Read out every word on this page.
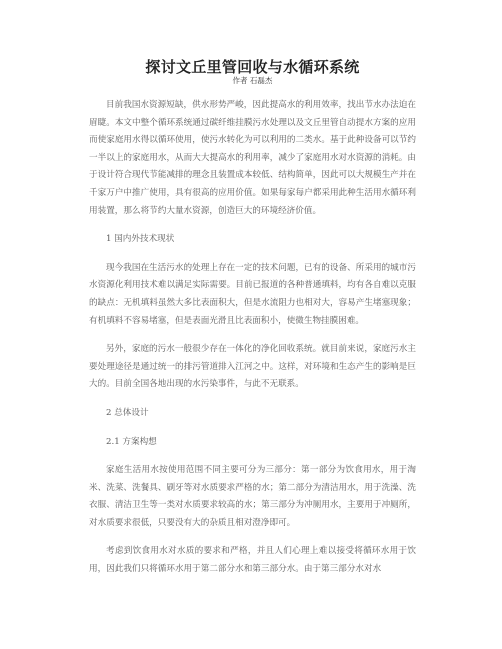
探讨文丘里管回收与水循环系统
作者 石磊杰

目前我国水资源短缺，供水形势严峻，因此提高水的利用效率，找出节水办法迫在眉睫。本文中整个循环系统通过碳纤维挂膜污水处理以及文丘里管自动提水方案的应用而使家庭用水得以循环使用，使污水转化为可以利用的二类水。基于此种设备可以节约一半以上的家庭用水，从而大大提高水的利用率，减少了家庭用水对水资源的消耗。由于设计符合现代节能减排的理念且装置成本较低、结构简单，因此可以大规模生产并在千家万户中推广使用，具有很高的应用价值。如果每家每户都采用此种生活用水循环利用装置，那么将节约大量水资源，创造巨大的环境经济价值。

1 国内外技术现状

现今我国在生活污水的处理上存在一定的技术问题，已有的设备、所采用的城市污水资源化利用技术难以满足实际需要。目前已报道的各种普通填料，均有各自难以克服的缺点：无机填料虽然大多比表面积大，但是水流阻力也相对大，容易产生堵塞现象；有机填料不容易堵塞，但是表面光滑且比表面积小，使微生物挂膜困难。

另外，家庭的污水一般很少存在一体化的净化回收系统。就目前来说，家庭污水主要处理途径是通过统一的排污管道排入江河之中。这样，对环境和生态产生的影响是巨大的。目前全国各地出现的水污染事件，与此不无联系。

2 总体设计

2.1 方案构想

家庭生活用水按使用范围不同主要可分为三部分：第一部分为饮食用水，用于淘米、洗菜、洗餐具、刷牙等对水质要求严格的水；第二部分为清洁用水，用于洗澡、洗衣服、清洁卫生等一类对水质要求较高的水；第三部分为冲厕用水，主要用于冲厕所，对水质要求很低，只要没有大的杂质且相对澄净即可。

考虑到饮食用水对水质的要求和严格，并且人们心理上难以接受将循环水用于饮用，因此我们只将循环水用于第二部分水和第三部分水。由于第三部分水对水
